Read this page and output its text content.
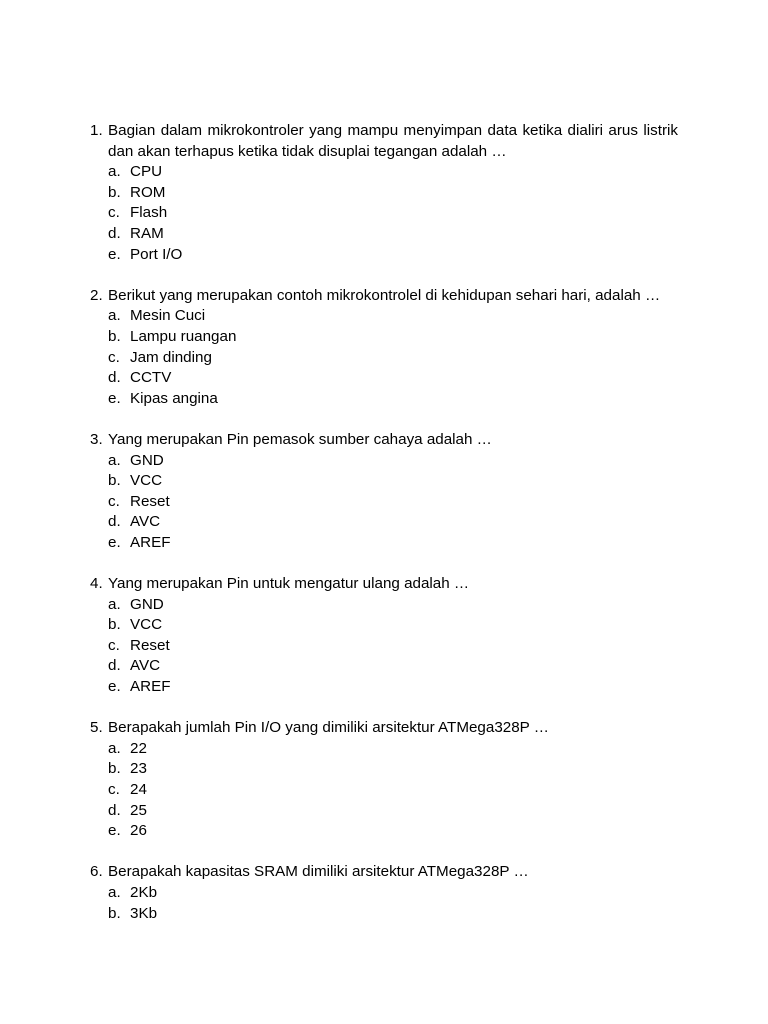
1. Bagian dalam mikrokontroler yang mampu menyimpan data ketika dialiri arus listrik dan akan terhapus ketika tidak disuplai tegangan adalah …
a. CPU
b. ROM
c. Flash
d. RAM
e. Port I/O
2. Berikut yang merupakan contoh mikrokontrolel di kehidupan sehari hari, adalah …
a. Mesin Cuci
b. Lampu ruangan
c. Jam dinding
d. CCTV
e. Kipas angina
3. Yang merupakan Pin pemasok sumber cahaya adalah …
a. GND
b. VCC
c. Reset
d. AVC
e. AREF
4. Yang merupakan Pin untuk mengatur ulang adalah …
a. GND
b. VCC
c. Reset
d. AVC
e. AREF
5. Berapakah jumlah Pin I/O yang dimiliki arsitektur ATMega328P …
a. 22
b. 23
c. 24
d. 25
e. 26
6. Berapakah kapasitas SRAM dimiliki arsitektur ATMega328P …
a. 2Kb
b. 3Kb
